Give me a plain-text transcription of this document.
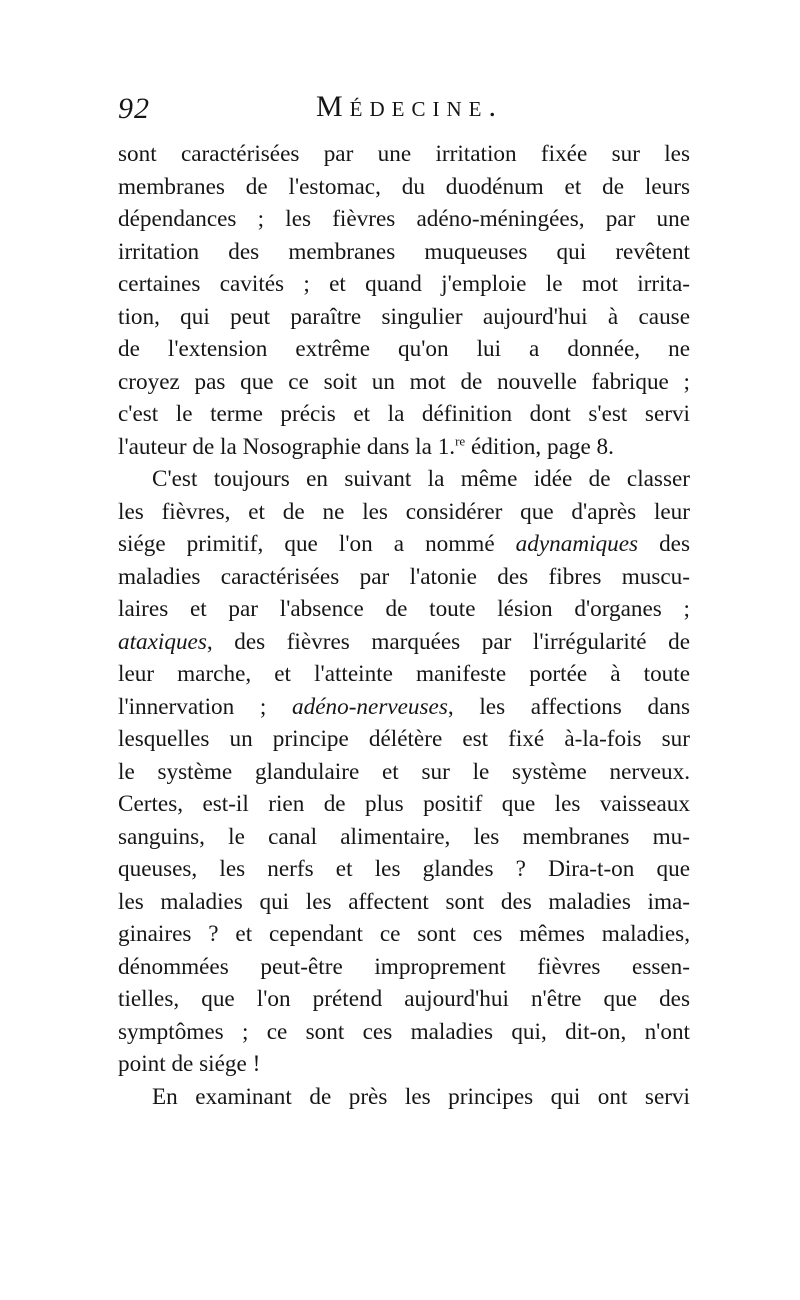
92	Médecine.
sont caractérisées par une irritation fixée sur les
membranes de l'estomac, du duodénum et de leurs
dépendances ; les fièvres adéno-méningées, par une
irritation des membranes muqueuses qui revêtent
certaines cavités ; et quand j'emploie le mot irrita-
tion, qui peut paraître singulier aujourd'hui à cause
de l'extension extrême qu'on lui a donnée, ne
croyez pas que ce soit un mot de nouvelle fabrique ;
c'est le terme précis et la définition dont s'est servi
l'auteur de la Nosographie dans la 1.$^{re}$ édition, page 8.
C'est toujours en suivant la même idée de classer
les fièvres, et de ne les considérer que d'après leur
siége primitif, que l'on a nommé adynamiques des
maladies caractérisées par l'atonie des fibres muscu-
laires et par l'absence de toute lésion d'organes ;
ataxiques, des fièvres marquées par l'irrégularité de
leur marche, et l'atteinte manifeste portée à toute
l'innervation ; adéno-nerveuses, les affections dans
lesquelles un principe délétère est fixé à-la-fois sur
le système glandulaire et sur le système nerveux.
Certes, est-il rien de plus positif que les vaisseaux
sanguins, le canal alimentaire, les membranes mu-
queuses, les nerfs et les glandes ? Dira-t-on que
les maladies qui les affectent sont des maladies ima-
ginaires ? et cependant ce sont ces mêmes maladies,
dénommées peut-être improprement fièvres essen-
tielles, que l'on prétend aujourd'hui n'être que des
symptômes ; ce sont ces maladies qui, dit-on, n'ont
point de siége !
En examinant de près les principes qui ont servi
